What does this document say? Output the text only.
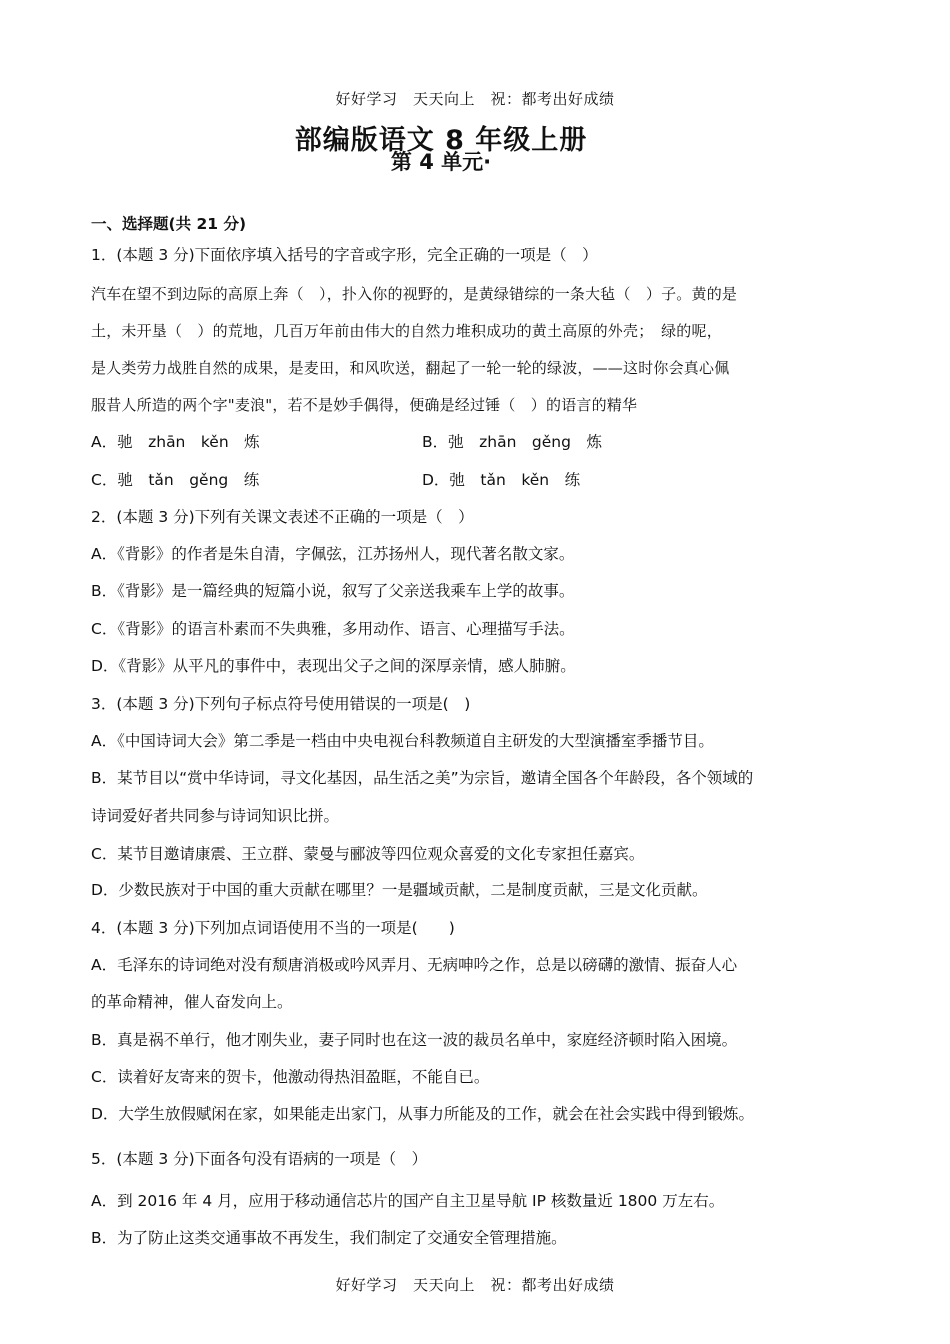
好好学习　天天向上　祝：都考出好成绩
部编版语文 8 年级上册
第 4 单元·
一、选择题(共 21 分)
1．(本题 3 分)下面依序填入括号的字音或字形，完全正确的一项是（　）
汽车在望不到边际的高原上奔（　），扑入你的视野的，是黄绿错综的一条大毡（　）子。黄的是
土，未开垦（　）的荒地，几百万年前由伟大的自然力堆积成功的黄土高原的外壳；　绿的呢，
是人类劳力战胜自然的成果，是麦田，和风吹送，翻起了一轮一轮的绿波，——这时你会真心佩
服昔人所造的两个字"麦浪"，若不是妙手偶得，便确是经过锤（　）的语言的精华
A．驰　zhān　kěn　炼	B．弛　zhān　gěng　炼
C．驰　tǎn　gěng　练	D．弛　tǎn　kěn　练
2．(本题 3 分)下列有关课文表述不正确的一项是（　）
A．《背影》的作者是朱自清，字佩弦，江苏扬州人，现代著名散文家。
B．《背影》是一篇经典的短篇小说，叙写了父亲送我乘车上学的故事。
C．《背影》的语言朴素而不失典雅，多用动作、语言、心理描写手法。
D．《背影》从平凡的事件中，表现出父子之间的深厚亲情，感人肺腑。
3．(本题 3 分)下列句子标点符号使用错误的一项是(　)
A．《中国诗词大会》第二季是一档由中央电视台科教频道自主研发的大型演播室季播节目。
B．某节目以“赏中华诗词，寻文化基因，品生活之美”为宗旨，邀请全国各个年龄段，各个领域的
诗词爱好者共同参与诗词知识比拼。
C．某节目邀请康震、王立群、蒙曼与郦波等四位观众喜爱的文化专家担任嘉宾。
D．少数民族对于中国的重大贡献在哪里？一是疆域贡献，二是制度贡献，三是文化贡献。
4．(本题 3 分)下列加点词语使用不当的一项是(　　)
A．毛泽东的诗词绝对没有颓唐消极或吟风弄月、无病呻吟之作，总是以磅礴的激情、振奋人心
的革命精神，催人奋发向上。
B．真是祸不单行，他才刚失业，妻子同时也在这一波的裁员名单中，家庭经济顿时陷入困境。
C．读着好友寄来的贺卡，他激动得热泪盈眶，不能自已。
D．大学生放假赋闲在家，如果能走出家门，从事力所能及的工作，就会在社会实践中得到锻炼。
5．(本题 3 分)下面各句没有语病的一项是（　）
A．到 2016 年 4 月，应用于移动通信芯片的国产自主卫星导航 IP 核数量近 1800 万左右。
B．为了防止这类交通事故不再发生，我们制定了交通安全管理措施。
好好学习　天天向上　祝：都考出好成绩
